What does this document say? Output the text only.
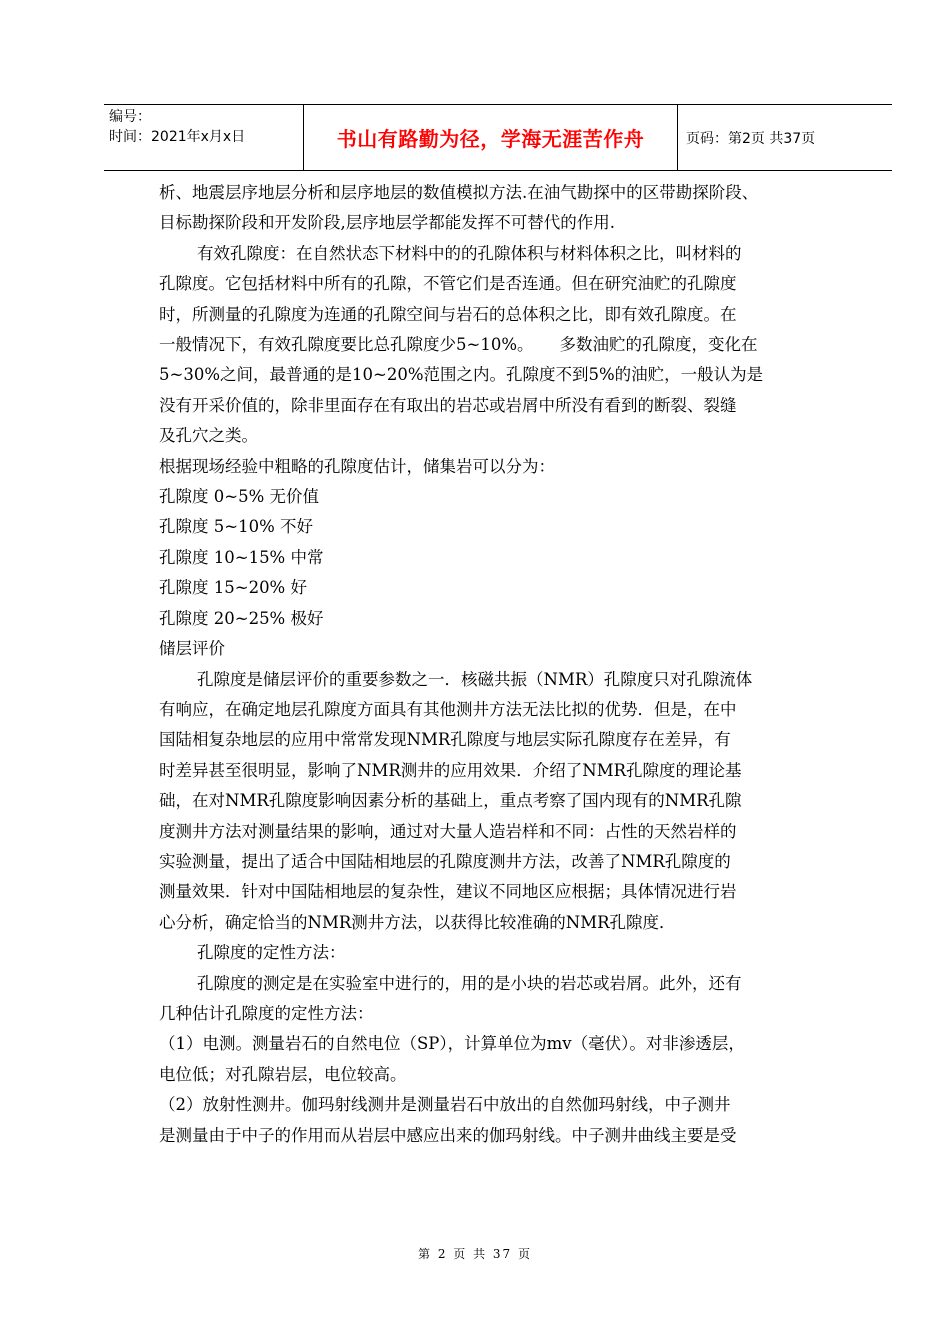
编号：
时间：2021年x月x日	书山有路勤为径，学海无涯苦作舟	页码：第2页 共37页

析、地震层序地层分析和层序地层的数值模拟方法.在油气勘探中的区带勘探阶段、

目标勘探阶段和开发阶段,层序地层学都能发挥不可替代的作用.

有效孔隙度：在自然状态下材料中的的孔隙体积与材料体积之比，叫材料的

孔隙度。它包括材料中所有的孔隙，不管它们是否连通。但在研究油贮的孔隙度

时，所测量的孔隙度为连通的孔隙空间与岩石的总体积之比，即有效孔隙度。在

一般情况下，有效孔隙度要比总孔隙度少5~10%。 多数油贮的孔隙度，变化在

5~30%之间，最普通的是10~20%范围之内。孔隙度不到5%的油贮，一般认为是

没有开采价值的，除非里面存在有取出的岩芯或岩屑中所没有看到的断裂、裂缝

及孔穴之类。

根据现场经验中粗略的孔隙度估计，储集岩可以分为：

孔隙度 0~5% 无价值

孔隙度 5~10% 不好

孔隙度 10~15% 中常

孔隙度 15~20% 好

孔隙度 20~25% 极好

储层评价

孔隙度是储层评价的重要参数之一．核磁共振（NMR）孔隙度只对孔隙流体

有响应，在确定地层孔隙度方面具有其他测井方法无法比拟的优势．但是，在中

国陆相复杂地层的应用中常常发现NMR孔隙度与地层实际孔隙度存在差异，有

时差异甚至很明显，影响了NMR测井的应用效果．介绍了NMR孔隙度的理论基

础，在对NMR孔隙度影响因素分析的基础上，重点考察了国内现有的NMR孔隙

度测井方法对测量结果的影响，通过对大量人造岩样和不同：占性的天然岩样的

实验测量，提出了适合中国陆相地层的孔隙度测井方法，改善了NMR孔隙度的

测量效果．针对中国陆相地层的复杂性，建议不同地区应根据；具体情况进行岩

心分析，确定恰当的NMR测井方法，以获得比较准确的NMR孔隙度．

孔隙度的定性方法：

孔隙度的测定是在实验室中进行的，用的是小块的岩芯或岩屑。此外，还有

几种估计孔隙度的定性方法：

（1）电测。测量岩石的自然电位（SP），计算单位为mv（毫伏）。对非渗透层，

电位低；对孔隙岩层，电位较高。

（2）放射性测井。伽玛射线测井是测量岩石中放出的自然伽玛射线，中子测井

是测量由于中子的作用而从岩层中感应出来的伽玛射线。中子测井曲线主要是受

第 2 页 共 37 页
